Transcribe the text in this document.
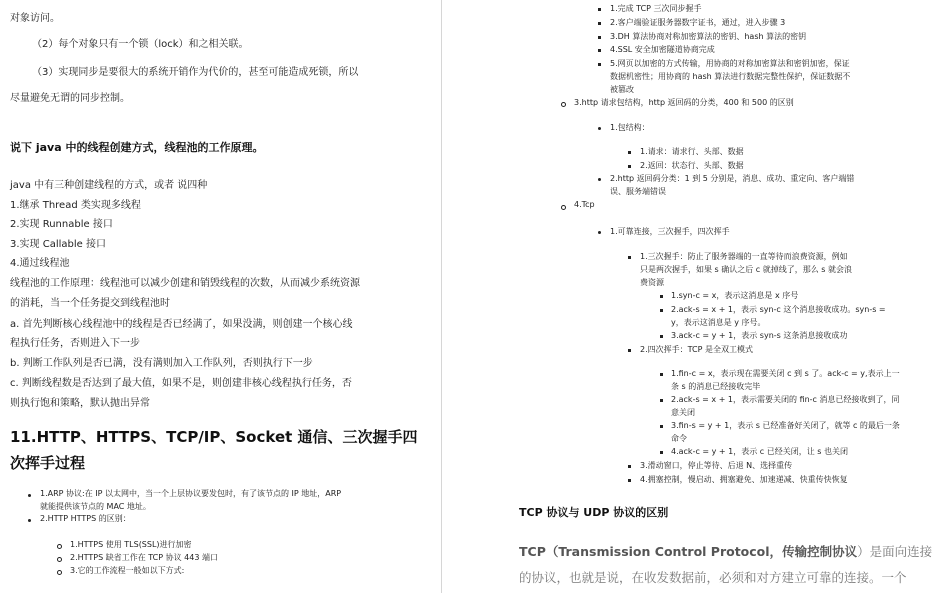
对象访问。
（2）每个对象只有一个锁（lock）和之相关联。
（3）实现同步是要很大的系统开销作为代价的，甚至可能造成死锁，所以
尽量避免无谓的同步控制。
说下 java 中的线程创建方式，线程池的工作原理。
java 中有三种创建线程的方式，或者 说四种
1.继承 Thread 类实现多线程
2.实现 Runnable 接口
3.实现 Callable 接口
4.通过线程池
线程池的工作原理：线程池可以减少创建和销毁线程的次数，从而减少系统资源
的消耗，当一个任务提交到线程池时
a. 首先判断核心线程池中的线程是否已经满了，如果没满，则创建一个核心线
程执行任务，否则进入下一步
b. 判断工作队列是否已满，没有满则加入工作队列，否则执行下一步
c. 判断线程数是否达到了最大值，如果不是，则创建非核心线程执行任务，否
则执行饱和策略，默认抛出异常
11.HTTP、HTTPS、TCP/IP、Socket 通信、三次握手四
次挥手过程
1.ARP 协议:在 IP 以太网中，当一个上层协议要发包时，有了该节点的 IP 地址，ARP
就能提供该节点的 MAC 地址。
2.HTTP HTTPS 的区别：
1.HTTPS 使用 TLS(SSL)进行加密
2.HTTPS 缺省工作在 TCP 协议 443 端口
3.它的工作流程一般如以下方式:
1.完成 TCP 三次同步握手
2.客户端验证服务器数字证书，通过，进入步骤 3
3.DH 算法协商对称加密算法的密钥、hash 算法的密钥
4.SSL 安全加密隧道协商完成
5.网页以加密的方式传输，用协商的对称加密算法和密钥加密，保证
数据机密性；用协商的 hash 算法进行数据完整性保护，保证数据不
被篡改
3.http 请求包结构，http 返回码的分类，400 和 500 的区别
1.包结构：
1.请求：请求行、头部、数据
2.返回：状态行、头部、数据
2.http 返回码分类：1 到 5 分别是，消息、成功、重定向、客户端错
误、服务端错误
4.Tcp
1.可靠连接，三次握手，四次挥手
1.三次握手：防止了服务器端的一直等待而浪费资源，例如
只是两次握手，如果 s 确认之后 c 就掉线了，那么 s 就会浪
费资源
1.syn-c = x，表示这消息是 x 序号
2.ack-s = x + 1，表示 syn-c 这个消息接收成功。syn-s =
y，表示这消息是 y 序号。
3.ack-c = y + 1，表示 syn-s 这条消息接收成功
2.四次挥手：TCP 是全双工模式
1.fin-c = x，表示现在需要关闭 c 到 s 了。ack-c = y,表示上一
条 s 的消息已经接收完毕
2.ack-s = x + 1，表示需要关闭的 fin-c 消息已经接收到了，同
意关闭
3.fin-s = y + 1，表示 s 已经准备好关闭了，就等 c 的最后一条
命令
4.ack-c = y + 1，表示 c 已经关闭，让 s 也关闭
3.滑动窗口，停止等待、后退 N、选择重传
4.拥塞控制，慢启动、拥塞避免、加速递减、快重传快恢复
TCP 协议与 UDP 协议的区别
TCP（Transmission Control Protocol，传输控制协议）是面向连接
的协议，也就是说，在收发数据前，必须和对方建立可靠的连接。一个
